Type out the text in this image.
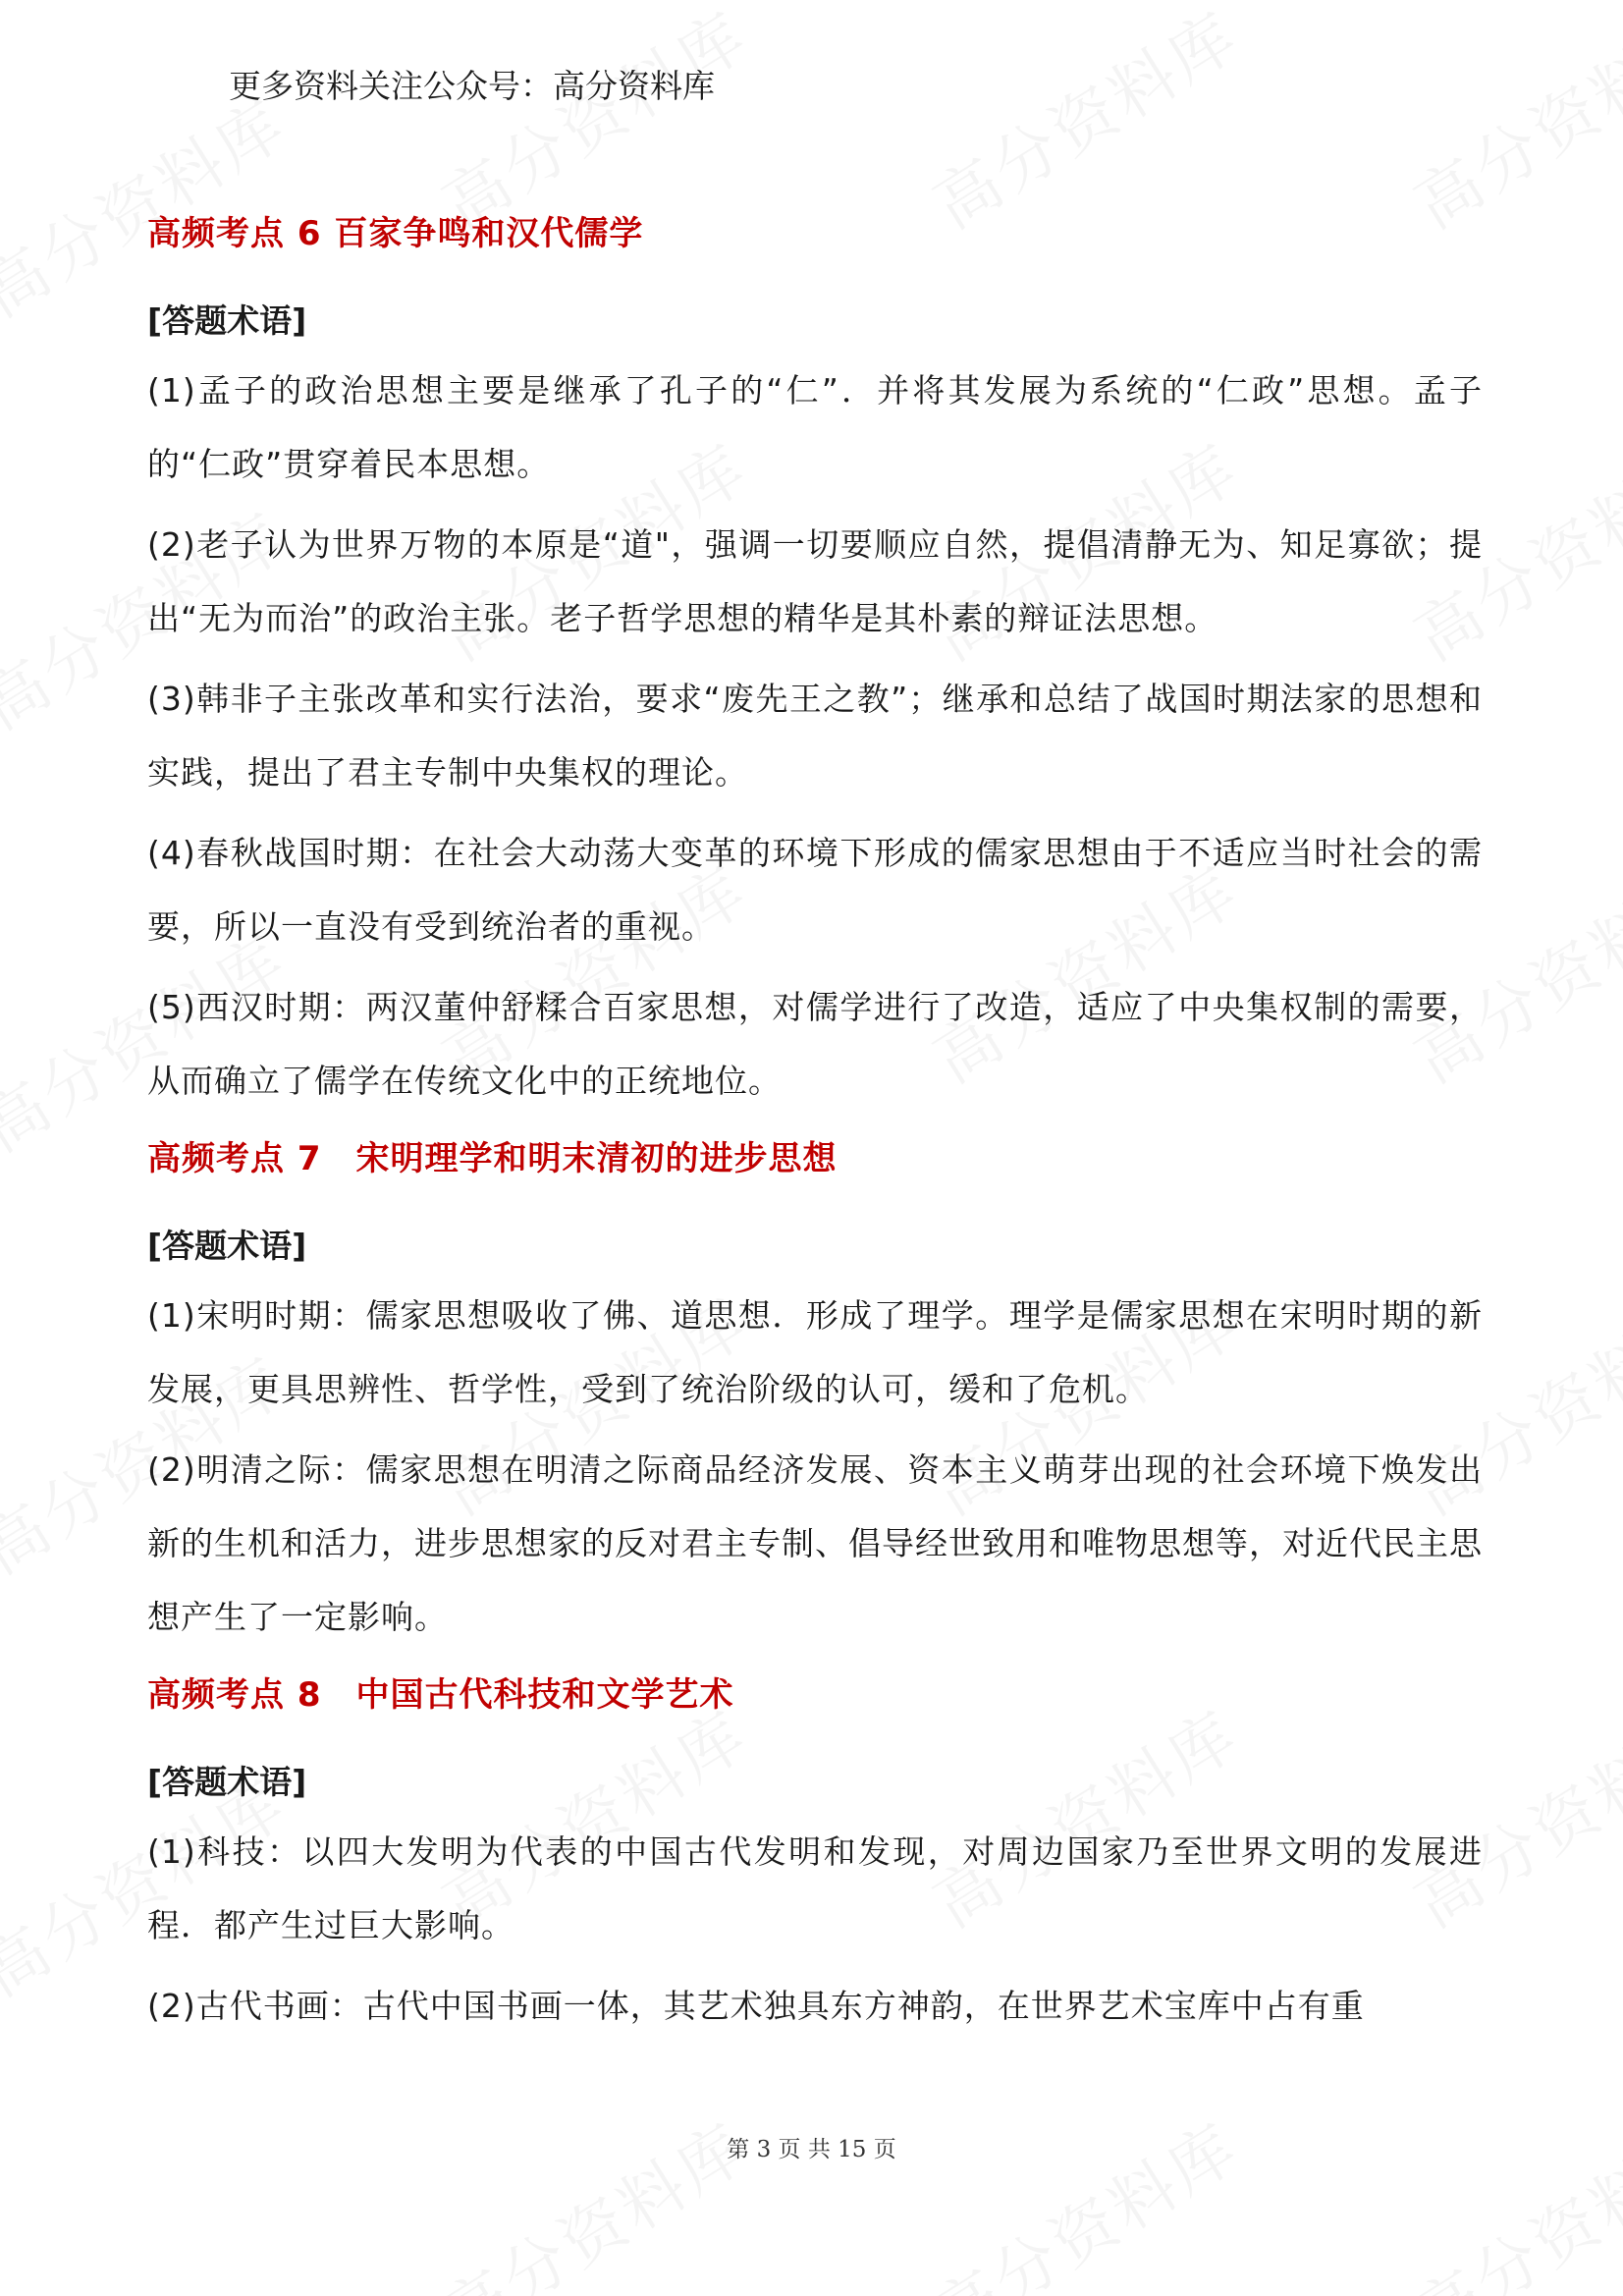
更多资料关注公众号：高分资料库
高频考点 6 百家争鸣和汉代儒学

[答题术语]

(1)孟子的政治思想主要是继承了孔子的“仁”．并将其发展为系统的“仁政”思想。孟子的“仁政”贯穿着民本思想。

(2)老子认为世界万物的本原是“道"，强调一切要顺应自然，提倡清静无为、知足寡欲；提出“无为而治”的政治主张。老子哲学思想的精华是其朴素的辩证法思想。

(3)韩非子主张改革和实行法治，要求“废先王之教”；继承和总结了战国时期法家的思想和实践，提出了君主专制中央集权的理论。

(4)春秋战国时期：在社会大动荡大变革的环境下形成的儒家思想由于不适应当时社会的需要，所以一直没有受到统治者的重视。

(5)西汉时期：两汉董仲舒糅合百家思想，对儒学进行了改造，适应了中央集权制的需要，从而确立了儒学在传统文化中的正统地位。

高频考点 7　宋明理学和明末清初的进步思想

[答题术语]

(1)宋明时期：儒家思想吸收了佛、道思想．形成了理学。理学是儒家思想在宋明时期的新发展，更具思辨性、哲学性，受到了统治阶级的认可，缓和了危机。

(2)明清之际：儒家思想在明清之际商品经济发展、资本主义萌芽出现的社会环境下焕发出新的生机和活力，进步思想家的反对君主专制、倡导经世致用和唯物思想等，对近代民主思想产生了一定影响。

高频考点 8　中国古代科技和文学艺术

[答题术语]

(1)科技：以四大发明为代表的中国古代发明和发现，对周边国家乃至世界文明的发展进程．都产生过巨大影响。

(2)古代书画：古代中国书画一体，其艺术独具东方神韵，在世界艺术宝库中占有重

第 3 页 共 15 页
